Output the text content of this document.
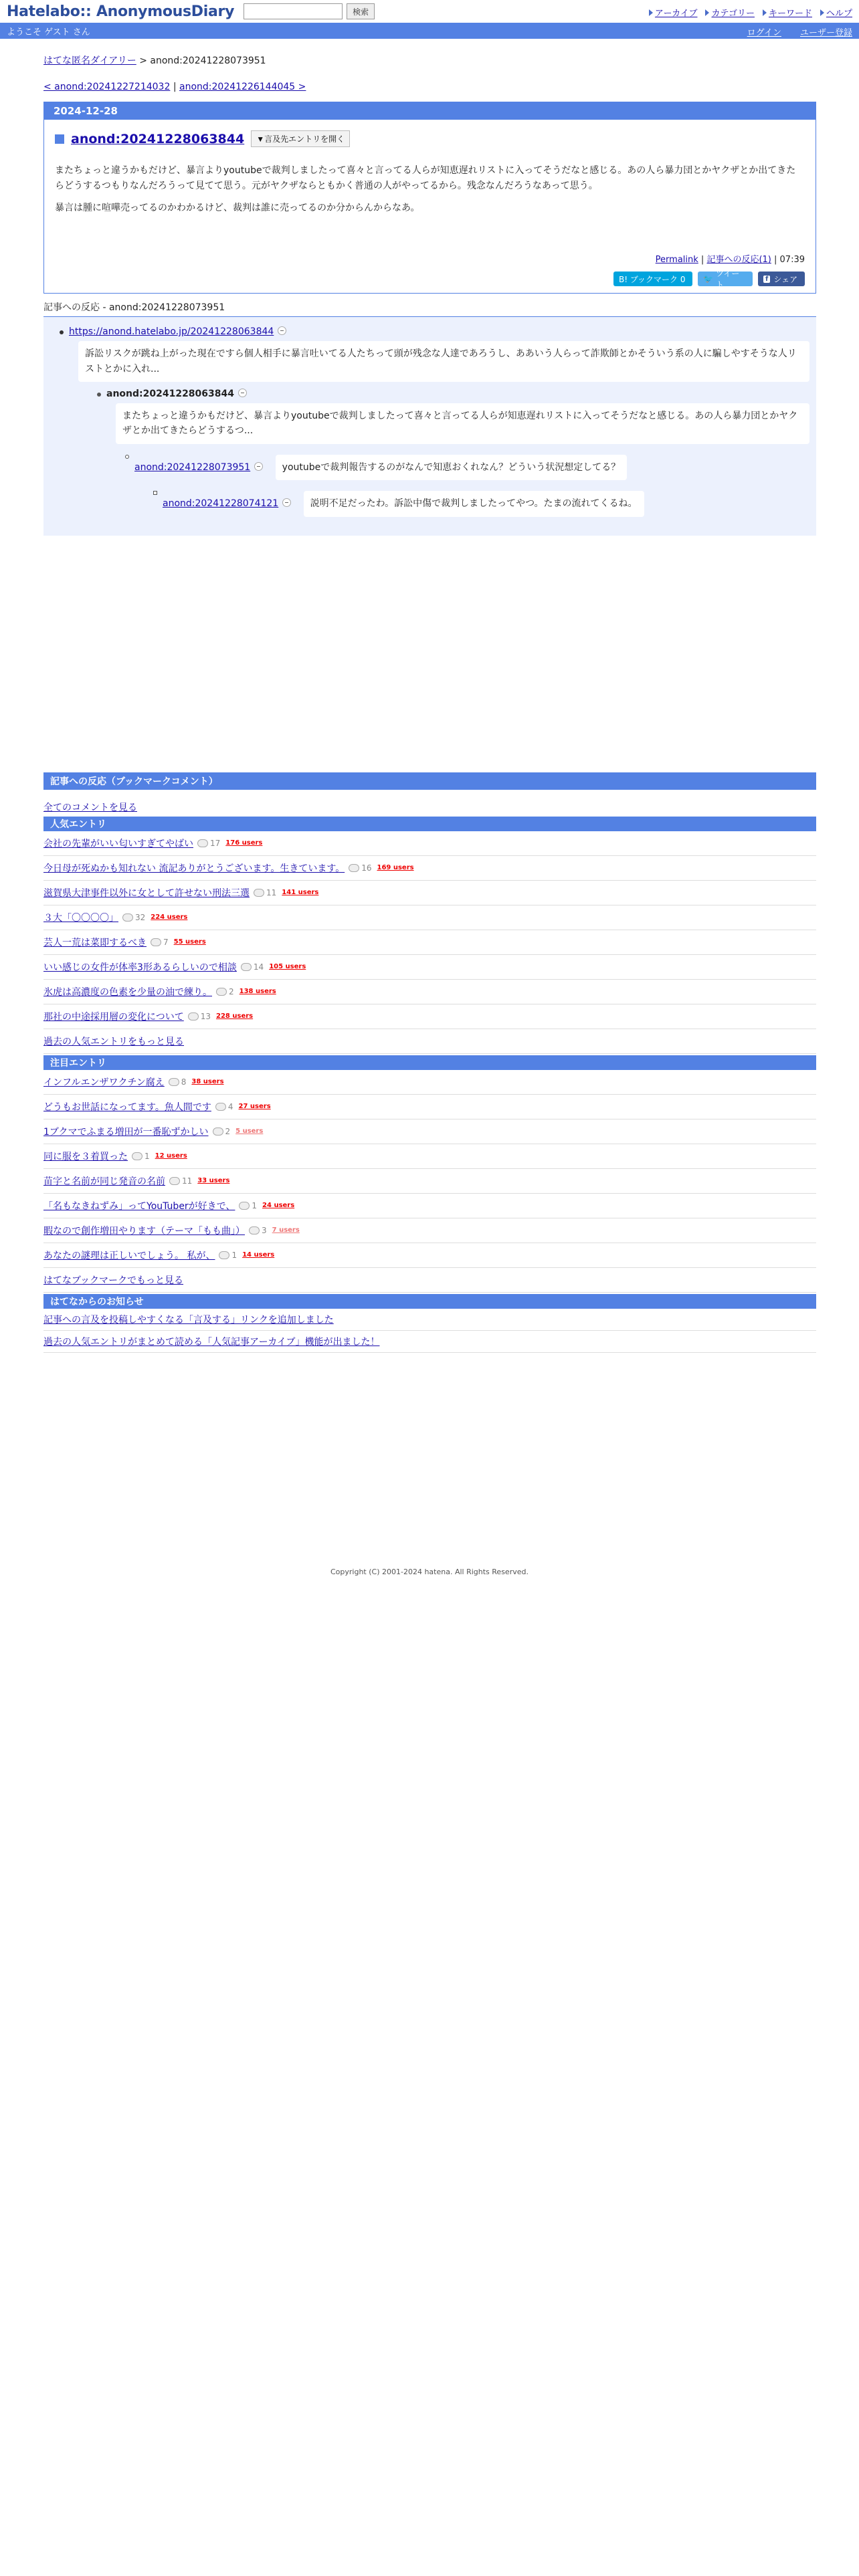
Hatelabo:: AnonymousDiary	検索	アーカイブ	カテゴリー	キーワード	ヘルプ
ようこそ ゲスト さん	ログイン ユーザー登録
はてな匿名ダイアリー > anond:20241228073951
< anond:20241227214032 | anond:20241226144045 >
2024-12-28
anond:20241228063844	▼言及先エントリを開く

またちょっと違うかもだけど、暴言よりyoutubeで裁判しましたって喜々と言ってる人らが知恵遅れリストに入ってそうだなと感じる。あの人ら暴力団とかヤクザとか出てきたらどうするつもりなんだろうって見てて思う。元がヤクザならともかく普通の人がやってるから。残念なんだろうなあって思う。

暴言は腫に喧嘩売ってるのかわかるけど、裁判は誰に売ってるのか分からんからなあ。

Permalink | 記事への反応(1) | 07:39
B! ブックマーク 0	🐦
ツイート
f シェア
記事への反応 - anond:20241228073951
https://anond.hatelabo.jp/20241228063844
訴訟リスクが跳ね上がった現在ですら個人相手に暴言吐いてる人たちって頭が残念な人達であろうし、ああいう人らって詐欺師とかそういう系の人に騙しやすそうな人リストとかに入れ...
anond:20241228063844
またちょっと違うかもだけど、暴言よりyoutubeで裁判しましたって喜々と言ってる人らが知恵遅れリストに入ってそうだなと感じる。あの人ら暴力団とかヤクザとか出てきたらどうするつ...
anond:20241228073951	youtubeで裁判報告するのがなんで知恵おくれなん？どういう状況想定してる？
anond:20241228074121	説明不足だったわ。訴訟中傷で裁判しましたってやつ。たまの流れてくるね。
記事への反応（ブックマークコメント）
全てのコメントを見る
人気エントリ
会社の先輩がいい匂いすぎてやばい 17 176 users
今日母が死ぬかも知れない 流記ありがとうございます。生きています。 16 169 users
滋賀県大津事件以外に女として許せない刑法三選 11 141 users
３大「〇〇〇〇」 32 224 users
芸人一荒は菜即するべき 7 55 users
いい感じの女件が体率3形あるらしいので相談 14 105 users
氷虎は高濃度の色素を少量の油で練り。 2 138 users
那社の中途採用層の変化について 13 228 users
過去の人気エントリをもっと見る
注目エントリ
インフルエンザワクチン腐え 8 38 users
どうもお世話になってます。魚人間です 4 27 users
1ブクマでふまる増田が一番恥ずかしい 2 5 users
同に服を３着買った 1 12 users
苗字と名前が同じ発音の名前 11 33 users
「名もなきねずみ」ってYouTuberが好きで、 1 24 users
暇なので創作増田やります（テーマ「もも曲」） 3 7 users
あなたの謎理は正しいでしょう。 私が、 1 14 users
はてなブックマークでもっと見る
はてなからのお知らせ
記事への言及を投稿しやすくなる「言及する」リンクを追加しました
過去の人気エントリがまとめて読める「人気記事アーカイブ」機能が出ました！
Copyright (C) 2001-2024 hatena. All Rights Reserved.
